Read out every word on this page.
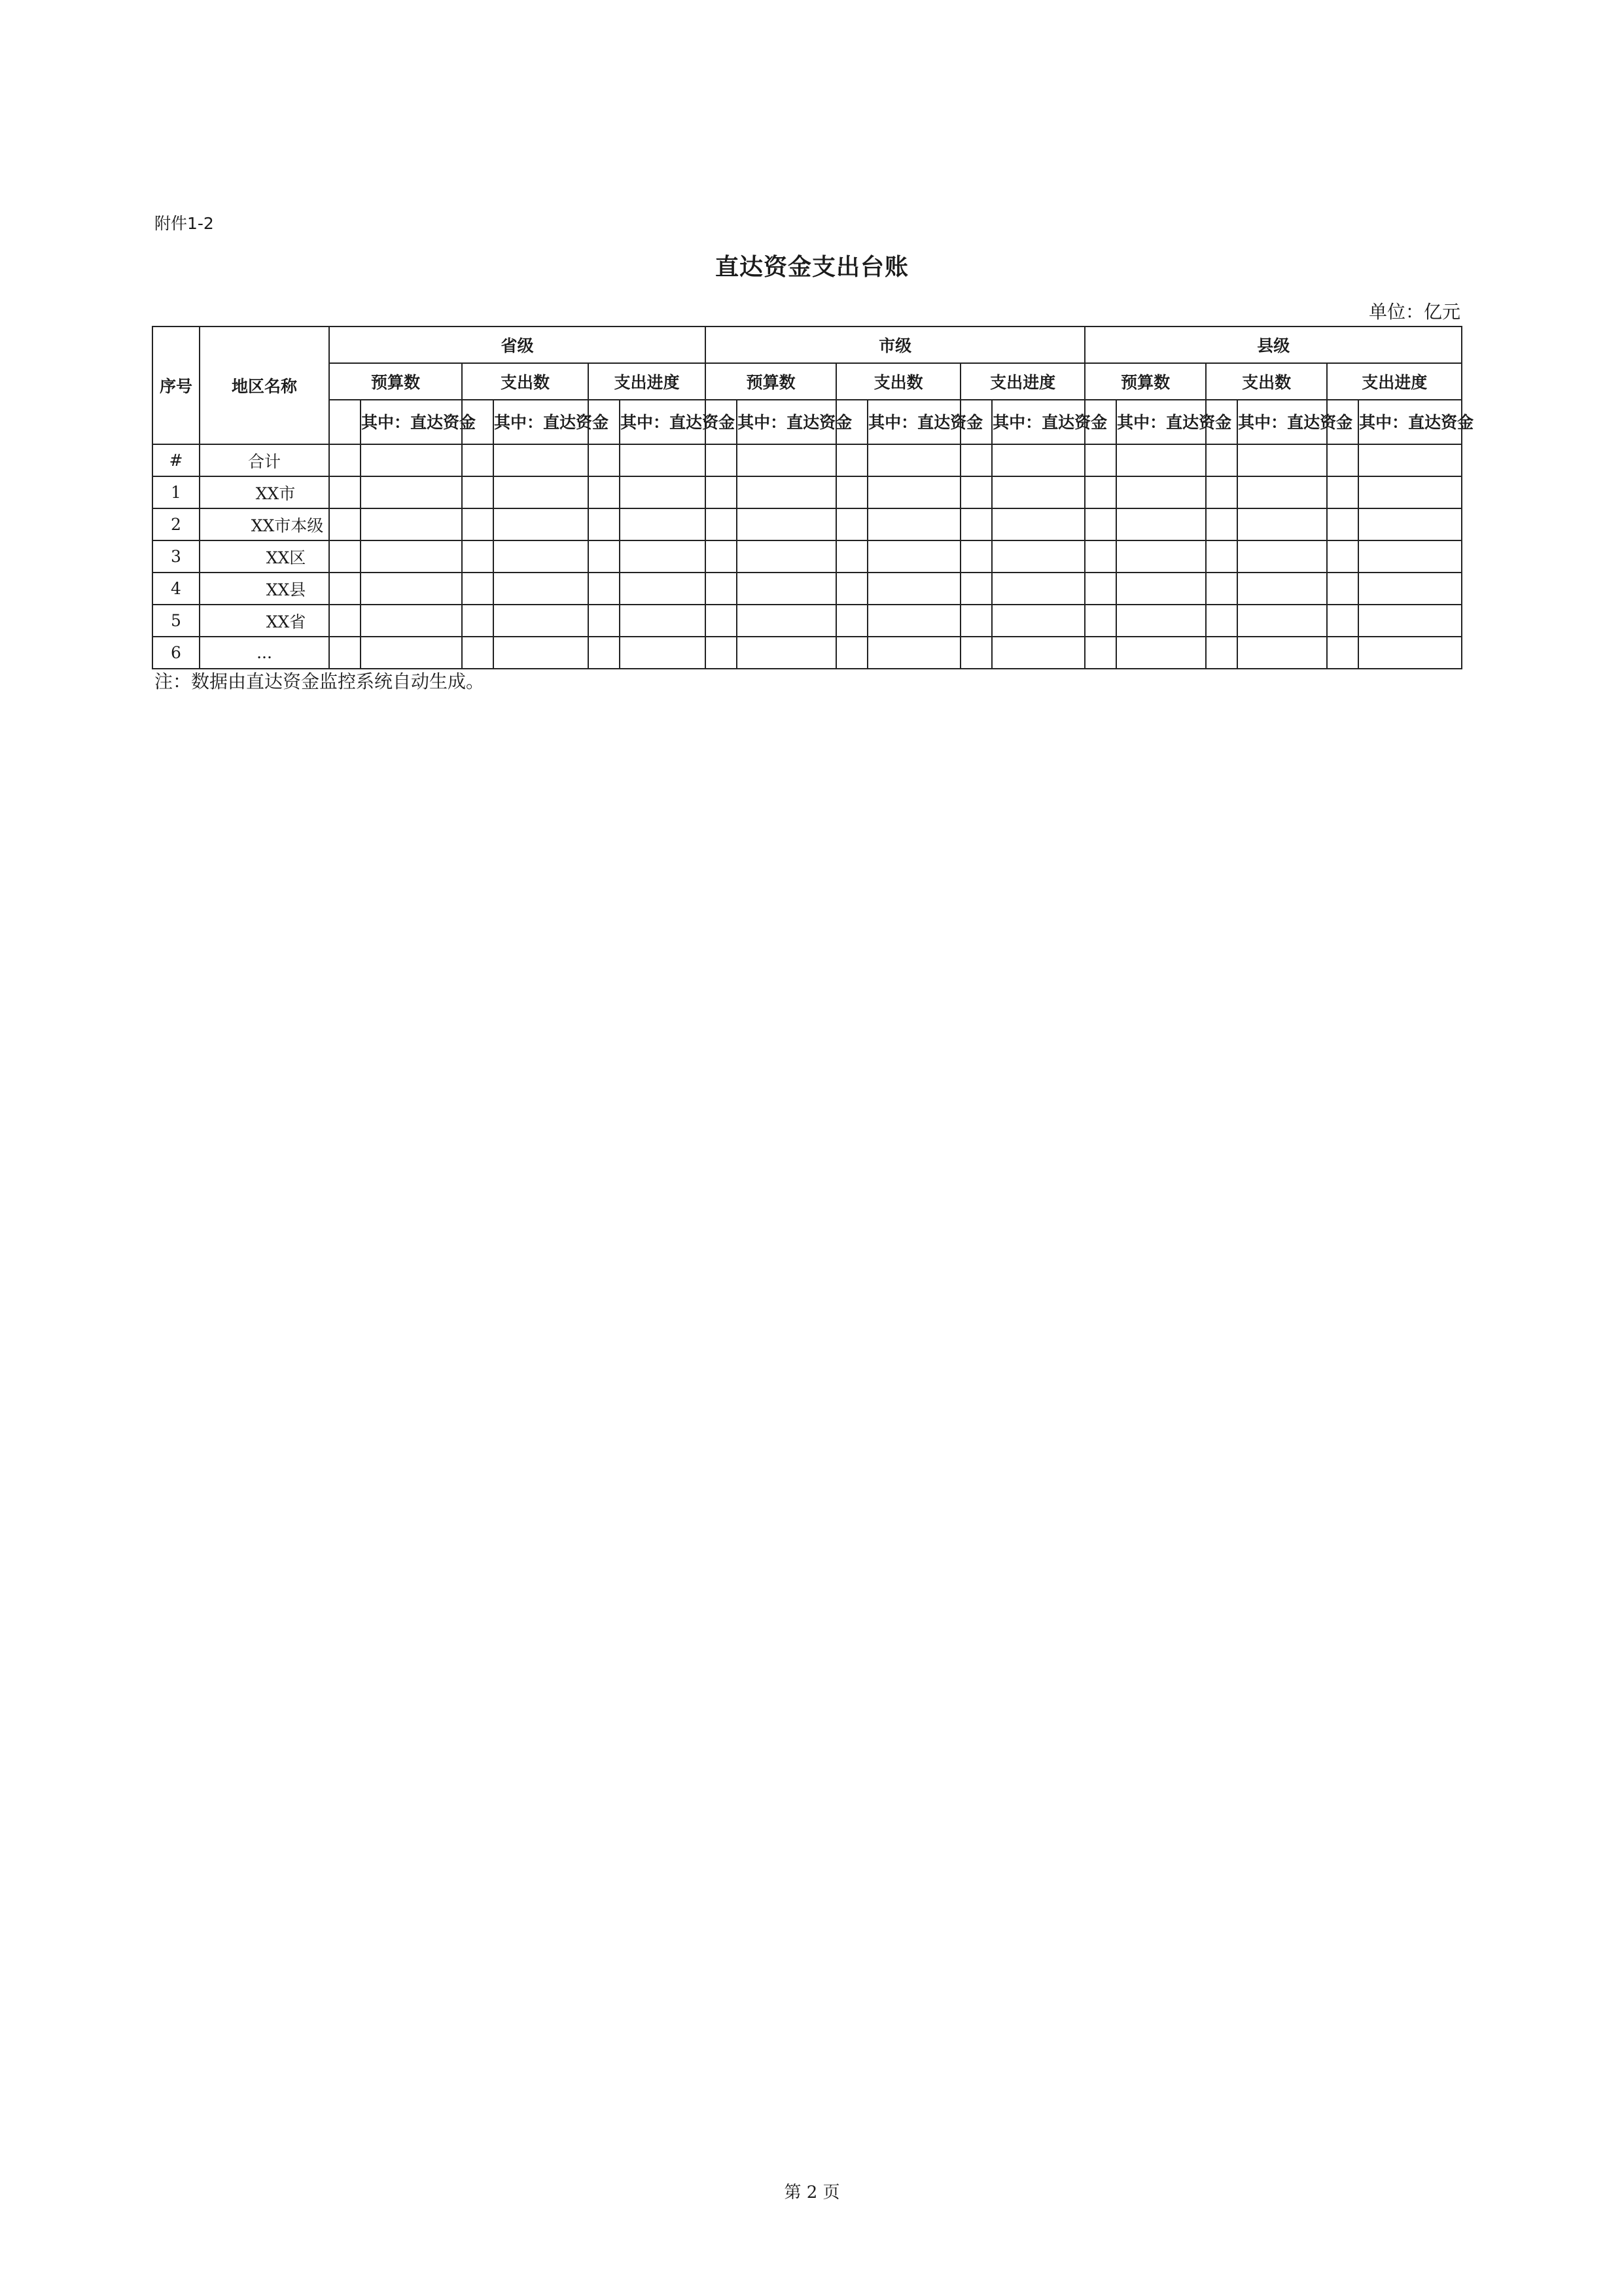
附件1-2
直达资金支出台账
单位：亿元
序号	地区名称	省级						市级						县级					
		预算数		支出数		支出进度		预算数		支出数		支出进度		预算数		支出数		支出进度	
			其中：直达资金		其中：直达资金		其中：直达资金		其中：直达资金		其中：直达资金		其中：直达资金		其中：直达资金		其中：直达资金		其中：直达资金
#	合计																		
1	XX市																		
2	XX市本级																		
3	XX区																		
4	XX县																		
5	XX省																		
6	...																		
注：数据由直达资金监控系统自动生成。
第 2 页
